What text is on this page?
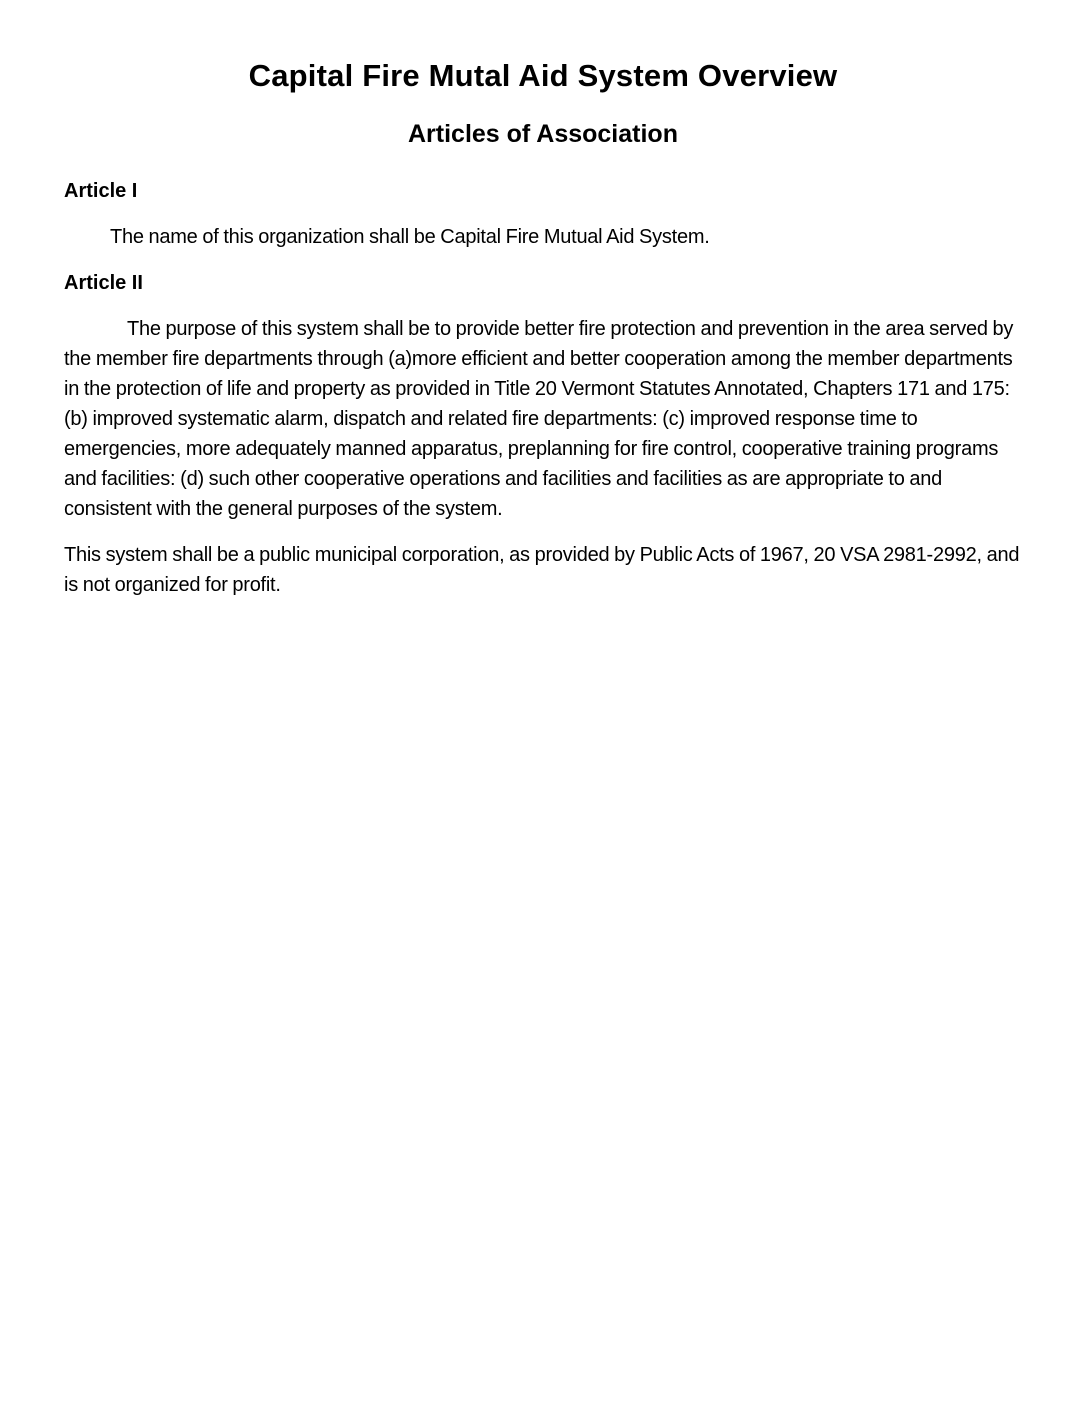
Capital Fire Mutal Aid System Overview
Articles of Association
Article I

The name of this organization shall be Capital Fire Mutual Aid System.

Article II

The purpose of this system shall be to provide better fire protection and prevention in the area served by the member fire departments through (a)more efficient and better cooperation among the member departments in the protection of life and property as provided in Title 20 Vermont Statutes Annotated, Chapters 171 and 175: (b) improved systematic alarm, dispatch and related fire departments: (c) improved response time to emergencies, more adequately manned apparatus, preplanning for fire control, cooperative training programs and facilities: (d) such other cooperative operations and facilities and facilities as are appropriate to and consistent with the general purposes of the system.

This system shall be a public municipal corporation, as provided by Public Acts of 1967, 20 VSA 2981-2992, and is not organized for profit.
